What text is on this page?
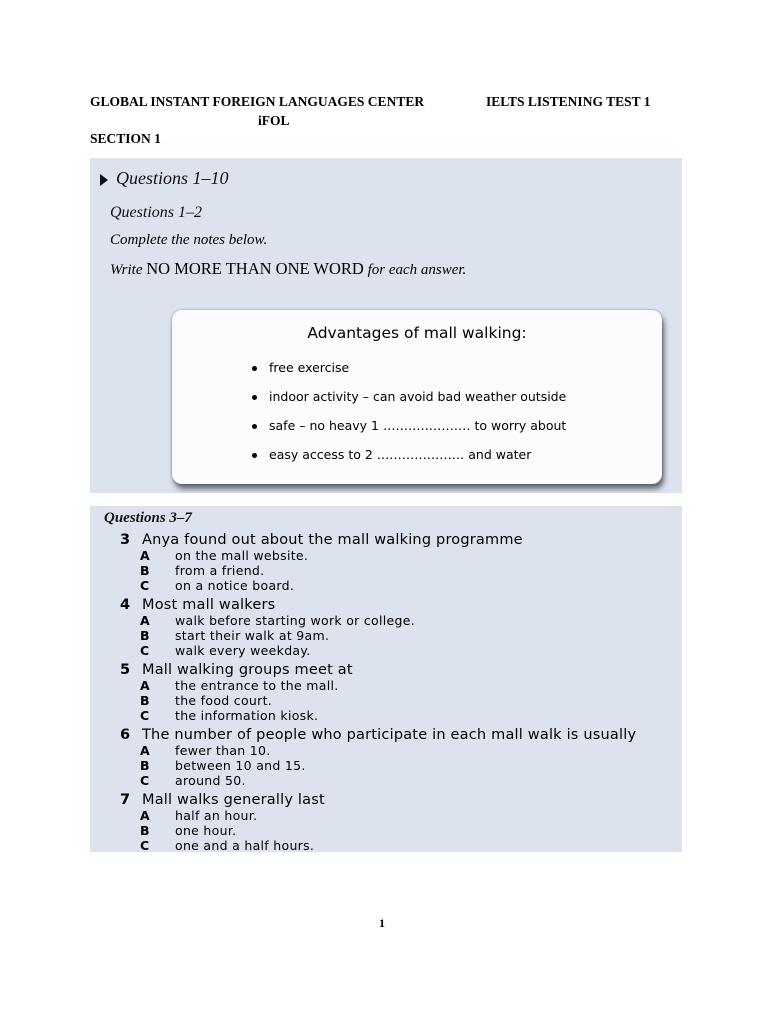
GLOBAL INSTANT FOREIGN LANGUAGES CENTER	IELTS LISTENING TEST 1
iFOL
SECTION 1
Questions 1–10
Questions 1–2
Complete the notes below.
Write NO MORE THAN ONE WORD for each answer.
Advantages of mall walking:
free exercise
indoor activity – can avoid bad weather outside
safe – no heavy 1 ………………… to worry about
easy access to 2 ………………… and water
Questions 3–7
3 Anya found out about the mall walking programme
A on the mall website.
B from a friend.
C on a notice board.
4 Most mall walkers
A walk before starting work or college.
B start their walk at 9am.
C walk every weekday.
5 Mall walking groups meet at
A the entrance to the mall.
B the food court.
C the information kiosk.
6 The number of people who participate in each mall walk is usually
A fewer than 10.
B between 10 and 15.
C around 50.
7 Mall walks generally last
A half an hour.
B one hour.
C one and a half hours.
1
